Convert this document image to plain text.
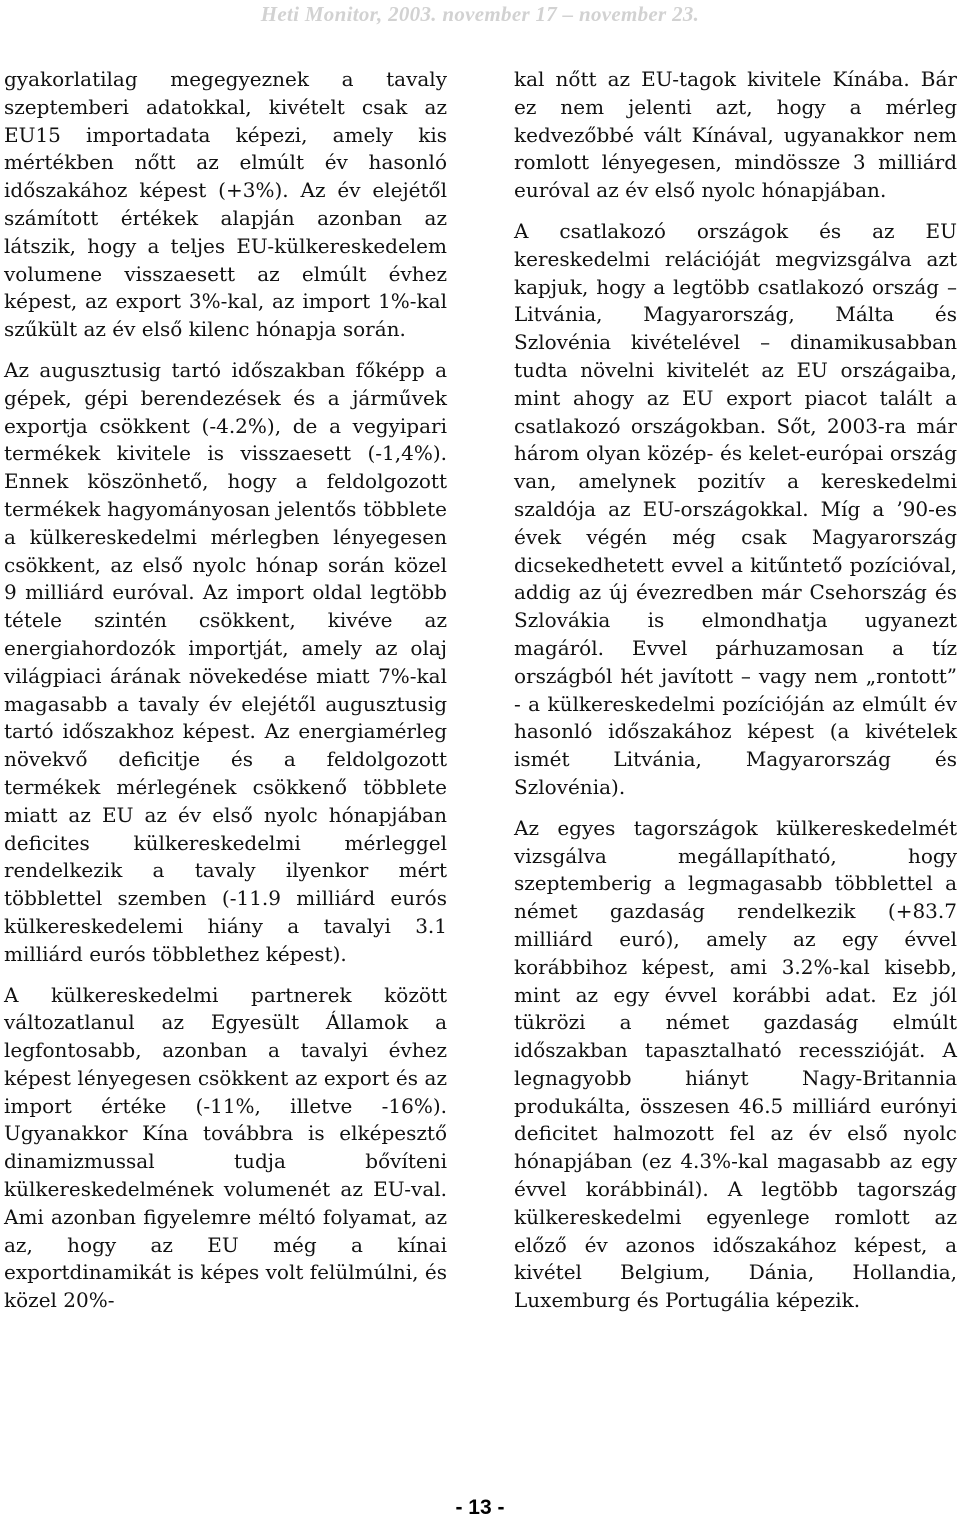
Heti Monitor, 2003. november 17 – november 23.

gyakorlatilag megegyeznek a tavaly szeptemberi adatokkal, kivételt csak az EU15 importadata képezi, amely kis mértékben nőtt az elmúlt év hasonló időszakához képest (+3%). Az év elejétől számított értékek alapján azonban az látszik, hogy a teljes EU-külkereskedelem volumene visszaesett az elmúlt évhez képest, az export 3%-kal, az import 1%-kal szűkült az év első kilenc hónapja során.

Az augusztusig tartó időszakban főképp a gépek, gépi berendezések és a járművek exportja csökkent (-4.2%), de a vegyipari termékek kivitele is visszaesett (-1,4%). Ennek köszönhető, hogy a feldolgozott termékek hagyományosan jelentős többlete a külkereskedelmi mérlegben lényegesen csökkent, az első nyolc hónap során közel 9 milliárd euróval. Az import oldal legtöbb tétele szintén csökkent, kivéve az energiahordozók importját, amely az olaj világpiaci árának növekedése miatt 7%-kal magasabb a tavaly év elejétől augusztusig tartó időszakhoz képest. Az energiamérleg növekvő deficitje és a feldolgozott termékek mérlegének csökkenő többlete miatt az EU az év első nyolc hónapjában deficites külkereskedelmi mérleggel rendelkezik a tavaly ilyenkor mért többlettel szemben (-11.9 milliárd eurós külkereskedelemi hiány a tavalyi 3.1 milliárd eurós többlethez képest).

A külkereskedelmi partnerek között változatlanul az Egyesült Államok a legfontosabb, azonban a tavalyi évhez képest lényegesen csökkent az export és az import értéke (-11%, illetve -16%). Ugyanakkor Kína továbbra is elképesztő dinamizmussal tudja bővíteni külkereskedelmének volumenét az EU-val. Ami azonban figyelemre méltó folyamat, az az, hogy az EU még a kínai exportdinamikát is képes volt felülmúlni, és közel 20%-

kal nőtt az EU-tagok kivitele Kínába. Bár ez nem jelenti azt, hogy a mérleg kedvezőbbé vált Kínával, ugyanakkor nem romlott lényegesen, mindössze 3 milliárd euróval az év első nyolc hónapjában.

A csatlakozó országok és az EU kereskedelmi relációját megvizsgálva azt kapjuk, hogy a legtöbb csatlakozó ország – Litvánia, Magyarország, Málta és Szlovénia kivételével – dinamikusabban tudta növelni kivitelét az EU országaiba, mint ahogy az EU export piacot talált a csatlakozó országokban. Sőt, 2003-ra már három olyan közép- és kelet-európai ország van, amelynek pozitív a kereskedelmi szaldója az EU-országokkal. Míg a ’90-es évek végén még csak Magyarország dicsekedhetett evvel a kitűntető pozícióval, addig az új évezredben már Csehország és Szlovákia is elmondhatja ugyanezt magáról. Evvel párhuzamosan a tíz országból hét javított – vagy nem „rontott” - a külkereskedelmi pozícióján az elmúlt év hasonló időszakához képest (a kivételek ismét Litvánia, Magyarország és Szlovénia).

Az egyes tagországok külkereskedelmét vizsgálva megállapítható, hogy szeptemberig a legmagasabb többlettel a német gazdaság rendelkezik (+83.7 milliárd euró), amely az egy évvel korábbihoz képest, ami 3.2%-kal kisebb, mint az egy évvel korábbi adat. Ez jól tükrözi a német gazdaság elmúlt időszakban tapasztalható recesszióját. A legnagyobb hiányt Nagy-Britannia produkálta, összesen 46.5 milliárd eurónyi deficitet halmozott fel az év első nyolc hónapjában (ez 4.3%-kal magasabb az egy évvel korábbinál). A legtöbb tagország külkereskedelmi egyenlege romlott az előző év azonos időszakához képest, a kivétel Belgium, Dánia, Hollandia, Luxemburg és Portugália képezik.

- 13 -
